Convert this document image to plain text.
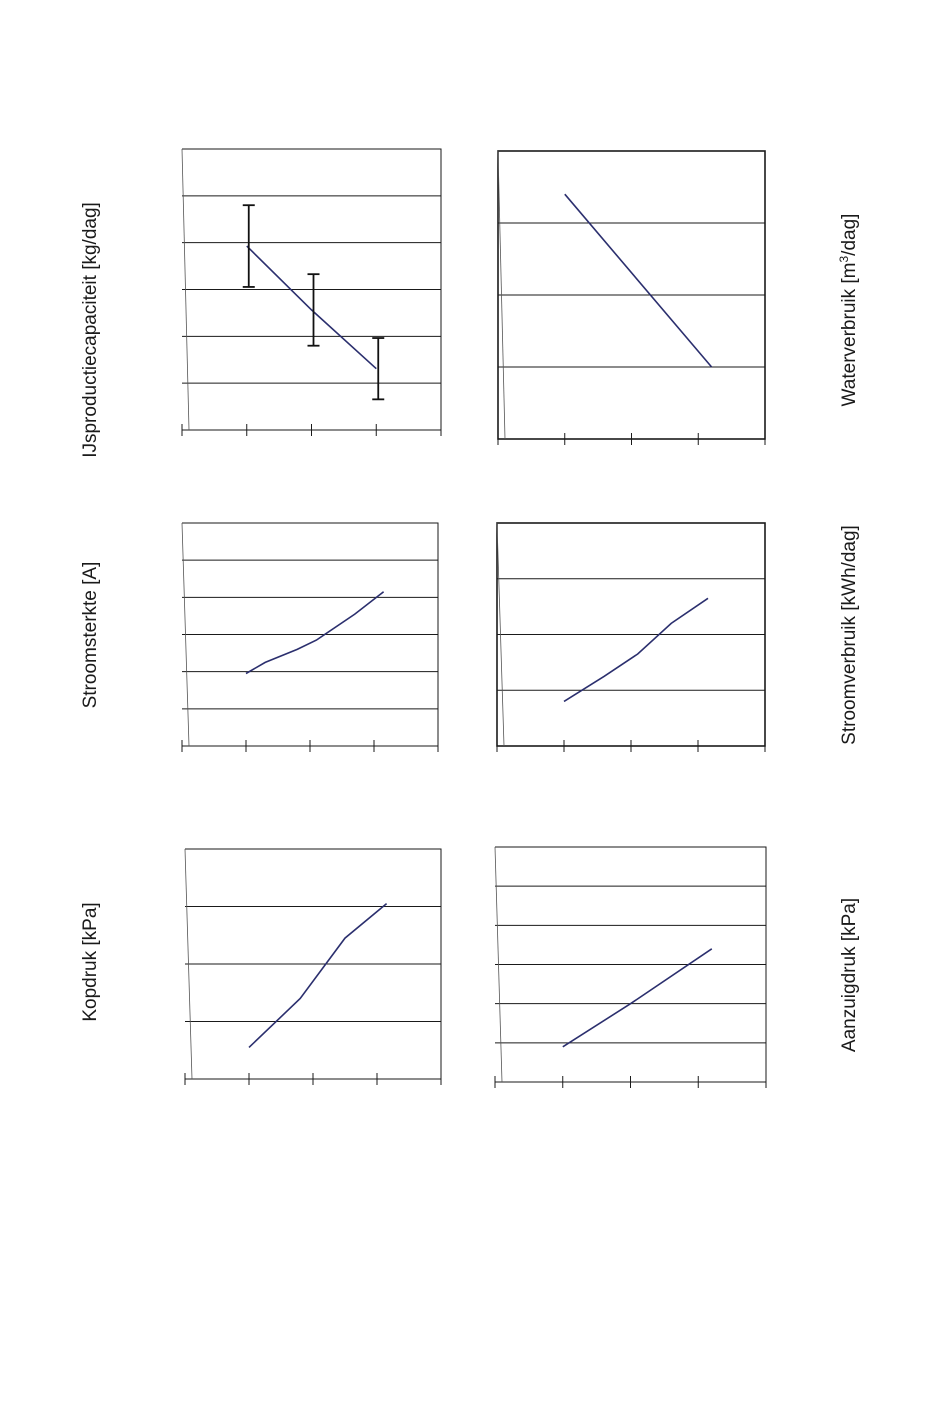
IJsproductiecapaciteit [kg/dag]	Waterverbruik $[m^3/dag]$
Stroomsterkte [A]	Stroomverbruik [kWh/dag]
Kopdruk [kPa]	Aanzuigdruk [kPa]
